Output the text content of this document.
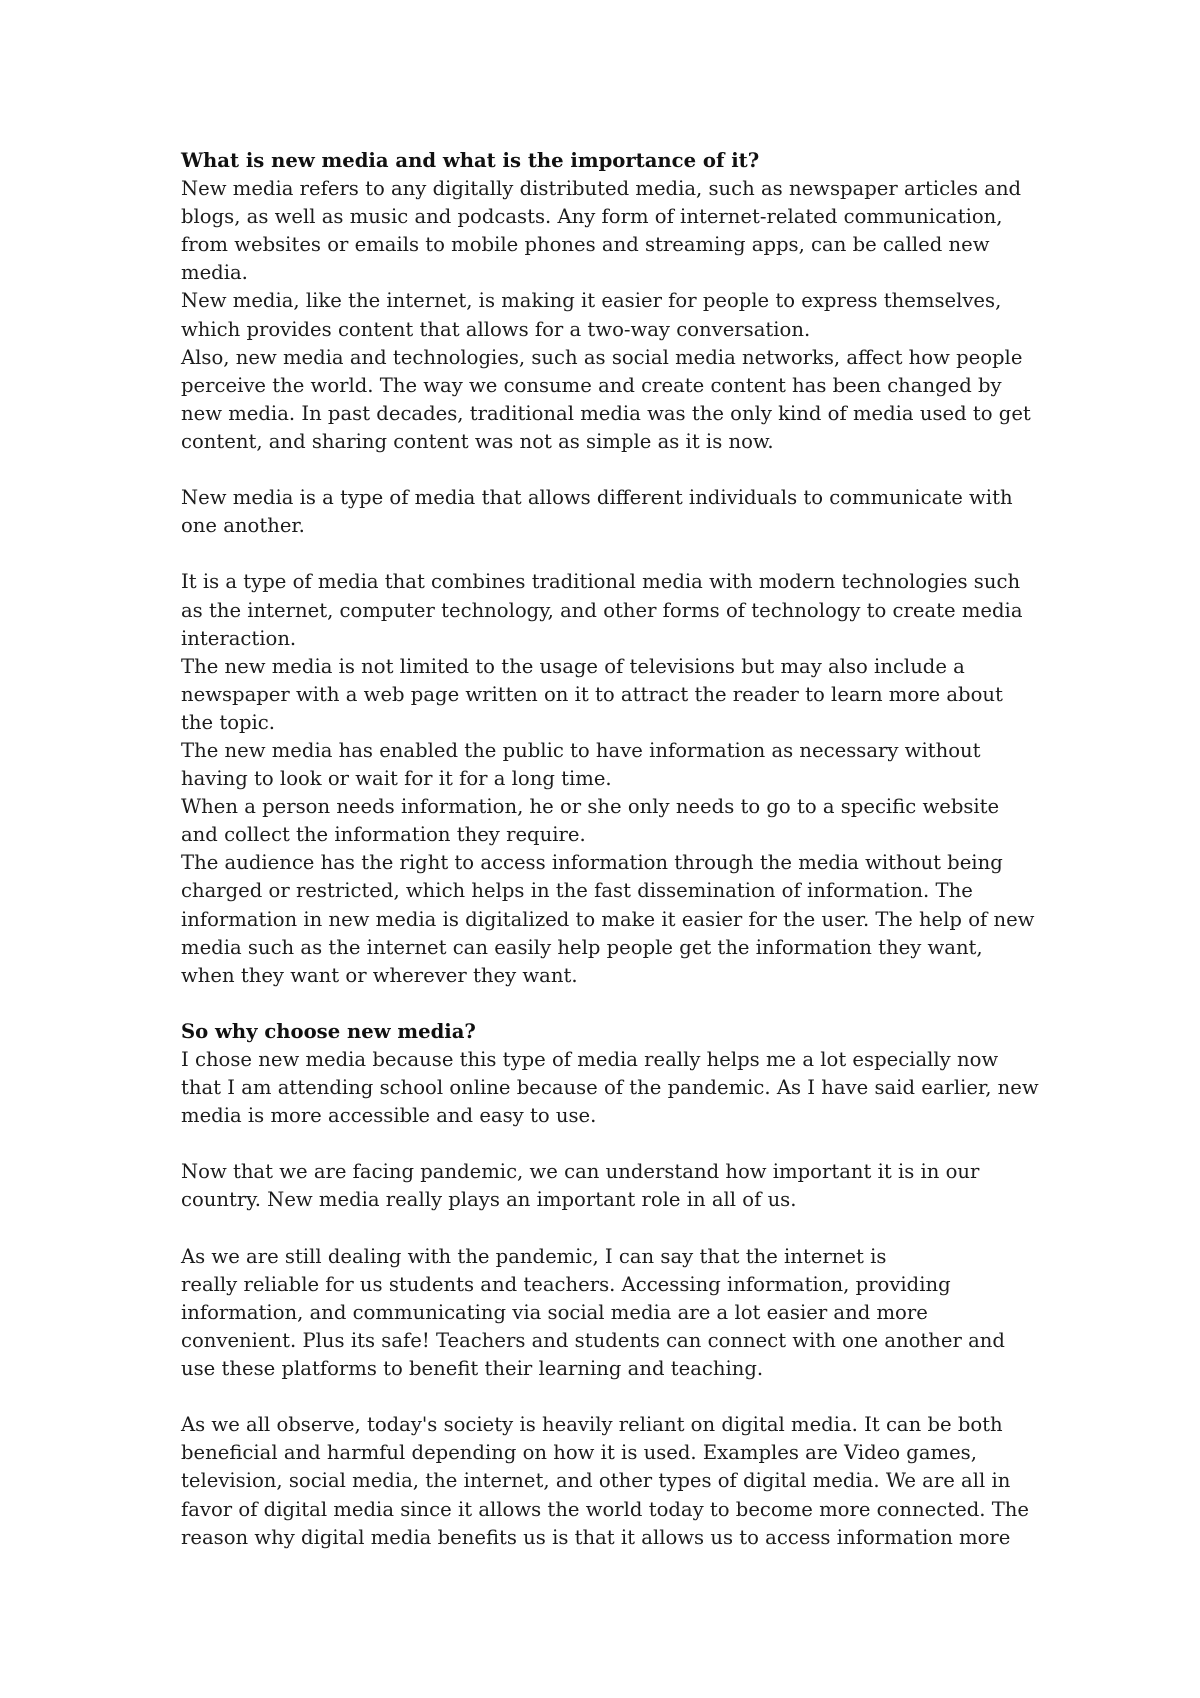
What is new media and what is the importance of it?

New media refers to any digitally distributed media, such as newspaper articles and blogs, as well as music and podcasts. Any form of internet-related communication, from websites or emails to mobile phones and streaming apps, can be called new media.

New media, like the internet, is making it easier for people to express themselves, which provides content that allows for a two-way conversation.

Also, new media and technologies, such as social media networks, affect how people perceive the world. The way we consume and create content has been changed by new media. In past decades, traditional media was the only kind of media used to get content, and sharing content was not as simple as it is now.

New media is a type of media that allows different individuals to communicate with one another.

It is a type of media that combines traditional media with modern technologies such as the internet, computer technology, and other forms of technology to create media interaction.

The new media is not limited to the usage of televisions but may also include a newspaper with a web page written on it to attract the reader to learn more about the topic.

The new media has enabled the public to have information as necessary without having to look or wait for it for a long time.

When a person needs information, he or she only needs to go to a specific website and collect the information they require.

The audience has the right to access information through the media without being charged or restricted, which helps in the fast dissemination of information. The information in new media is digitalized to make it easier for the user. The help of new media such as the internet can easily help people get the information they want, when they want or wherever they want.

So why choose new media?

I chose new media because this type of media really helps me a lot especially now that I am attending school online because of the pandemic. As I have said earlier, new media is more accessible and easy to use.

Now that we are facing pandemic, we can understand how important it is in our country. New media really plays an important role in all of us.

As we are still dealing with the pandemic, I can say that the internet is

really reliable for us students and teachers. Accessing information, providing information, and communicating via social media are a lot easier and more convenient. Plus its safe! Teachers and students can connect with one another and use these platforms to benefit their learning and teaching.

As we all observe, today's society is heavily reliant on digital media. It can be both beneficial and harmful depending on how it is used. Examples are Video games, television, social media, the internet, and other types of digital media. We are all in favor of digital media since it allows the world today to become more connected. The reason why digital media benefits us is that it allows us to access information more
